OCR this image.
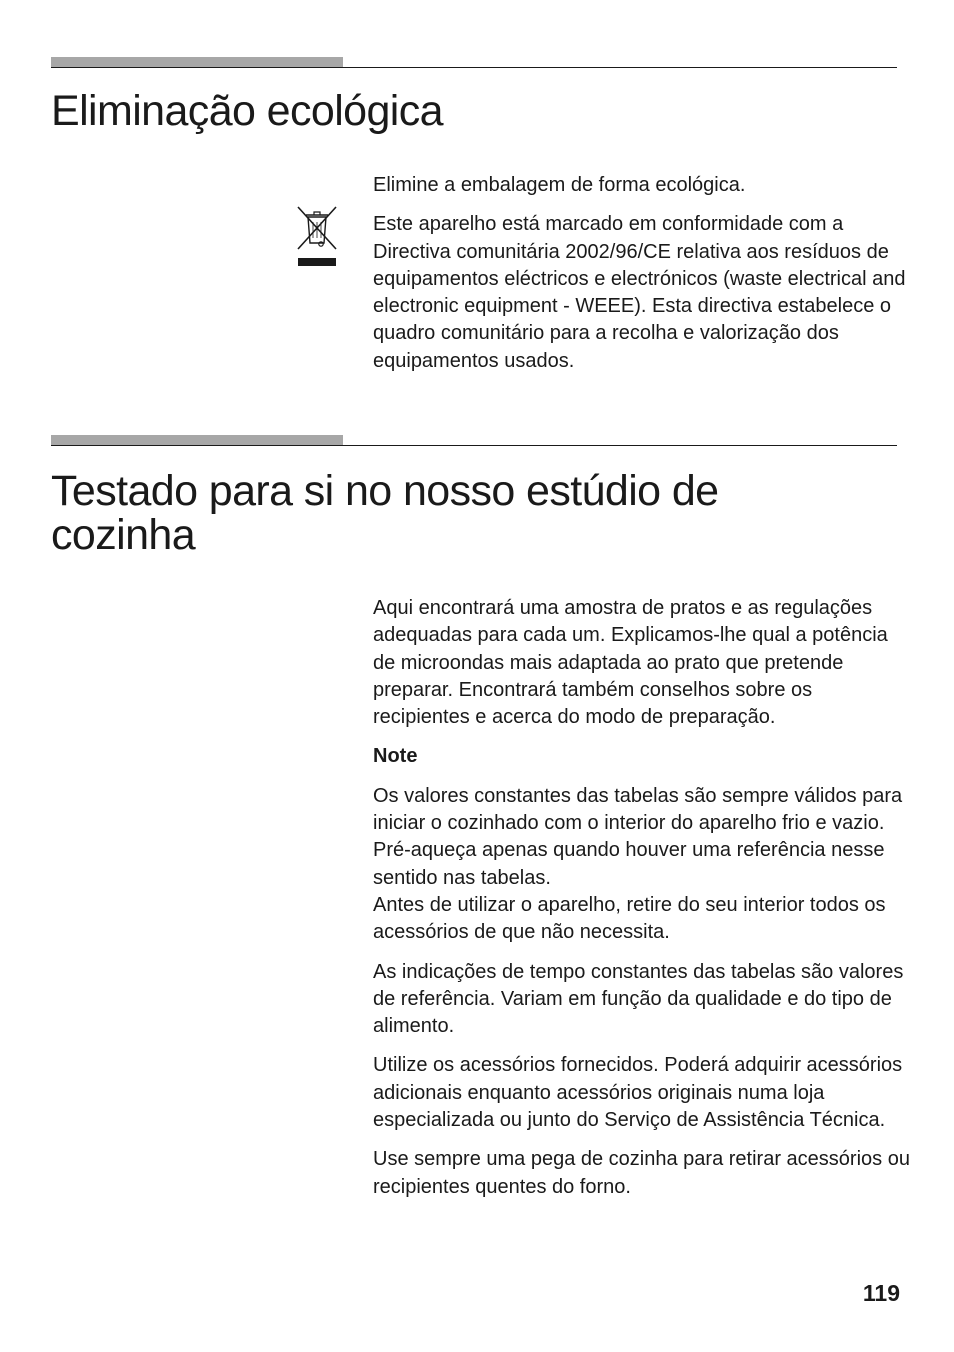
Eliminação ecológica

Elimine a embalagem de forma ecológica.

Este aparelho está marcado em conformidade com a Directiva comunitária 2002/96/CE relativa aos resíduos de equipamentos eléctricos e electrónicos (waste electrical and electronic equipment - WEEE). Esta directiva estabelece o quadro comunitário para a recolha e valorização dos equipamentos usados.

Testado para si no nosso estúdio de cozinha

Aqui encontrará uma amostra de pratos e as regulações adequadas para cada um. Explicamos-lhe qual a potência de microondas mais adaptada ao prato que pretende preparar. Encontrará também conselhos sobre os recipientes e acerca do modo de preparação.

Note

Os valores constantes das tabelas são sempre válidos para iniciar o cozinhado com o interior do aparelho frio e vazio. Pré-aqueça apenas quando houver uma referência nesse sentido nas tabelas.
Antes de utilizar o aparelho, retire do seu interior todos os acessórios de que não necessita.

As indicações de tempo constantes das tabelas são valores de referência. Variam em função da qualidade e do tipo de alimento.

Utilize os acessórios fornecidos. Poderá adquirir acessórios adicionais enquanto acessórios originais numa loja especializada ou junto do Serviço de Assistência Técnica.

Use sempre uma pega de cozinha para retirar acessórios ou recipientes quentes do forno.

119
